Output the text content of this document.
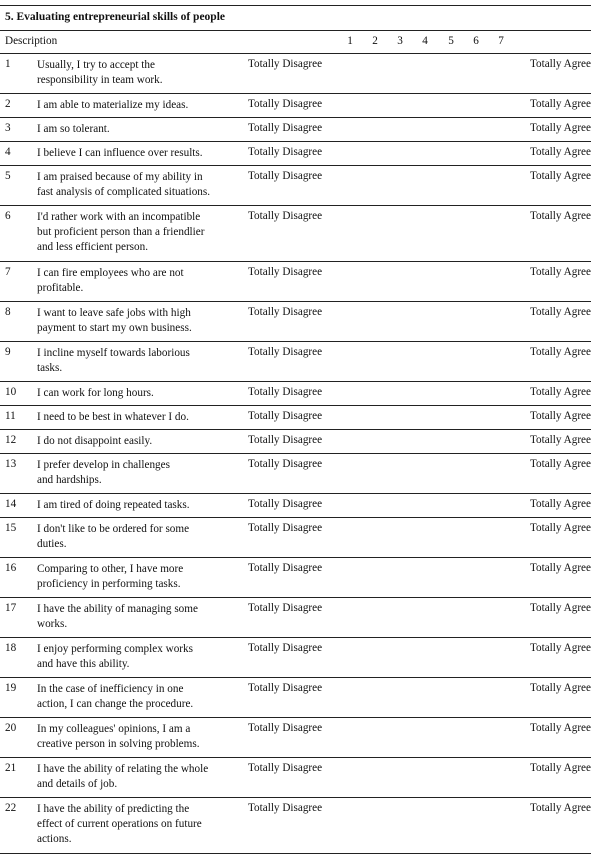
5. Evaluating entrepreneurial skills of people
Description	1 2 3 4 5 6 7
1 Usually, I try to accept the
responsibility in team work.
Totally Disagree	Totally Agree
2 I am able to materialize my ideas.	Totally Disagree	Totally Agree
3 I am so tolerant.	Totally Disagree	Totally Agree
4 I believe I can influence over results.	Totally Disagree	Totally Agree
5 I am praised because of my ability in
fast analysis of complicated situations.
Totally Disagree	Totally Agree
6 I'd rather work with an incompatible
but proficient person than a friendlier
and less efficient person.
Totally Disagree	Totally Agree
7 I can fire employees who are not
profitable.
Totally Disagree	Totally Agree
8 I want to leave safe jobs with high
payment to start my own business.
Totally Disagree	Totally Agree
9 I incline myself towards laborious
tasks.
Totally Disagree	Totally Agree
10 I can work for long hours.	Totally Disagree	Totally Agree
11 I need to be best in whatever I do.	Totally Disagree	Totally Agree
12 I do not disappoint easily.	Totally Disagree	Totally Agree
13 I prefer develop in challenges
and hardships.
Totally Disagree	Totally Agree
14 I am tired of doing repeated tasks.	Totally Disagree	Totally Agree
15 I don't like to be ordered for some
duties.
Totally Disagree	Totally Agree
16 Comparing to other, I have more
proficiency in performing tasks.
Totally Disagree	Totally Agree
17 I have the ability of managing some
works.
Totally Disagree	Totally Agree
18 I enjoy performing complex works
and have this ability.
Totally Disagree	Totally Agree
19 In the case of inefficiency in one
action, I can change the procedure.
Totally Disagree	Totally Agree
20 In my colleagues' opinions, I am a
creative person in solving problems.
Totally Disagree	Totally Agree
21 I have the ability of relating the whole
and details of job.
Totally Disagree	Totally Agree
22 I have the ability of predicting the
effect of current operations on future
actions.
Totally Disagree	Totally Agree
